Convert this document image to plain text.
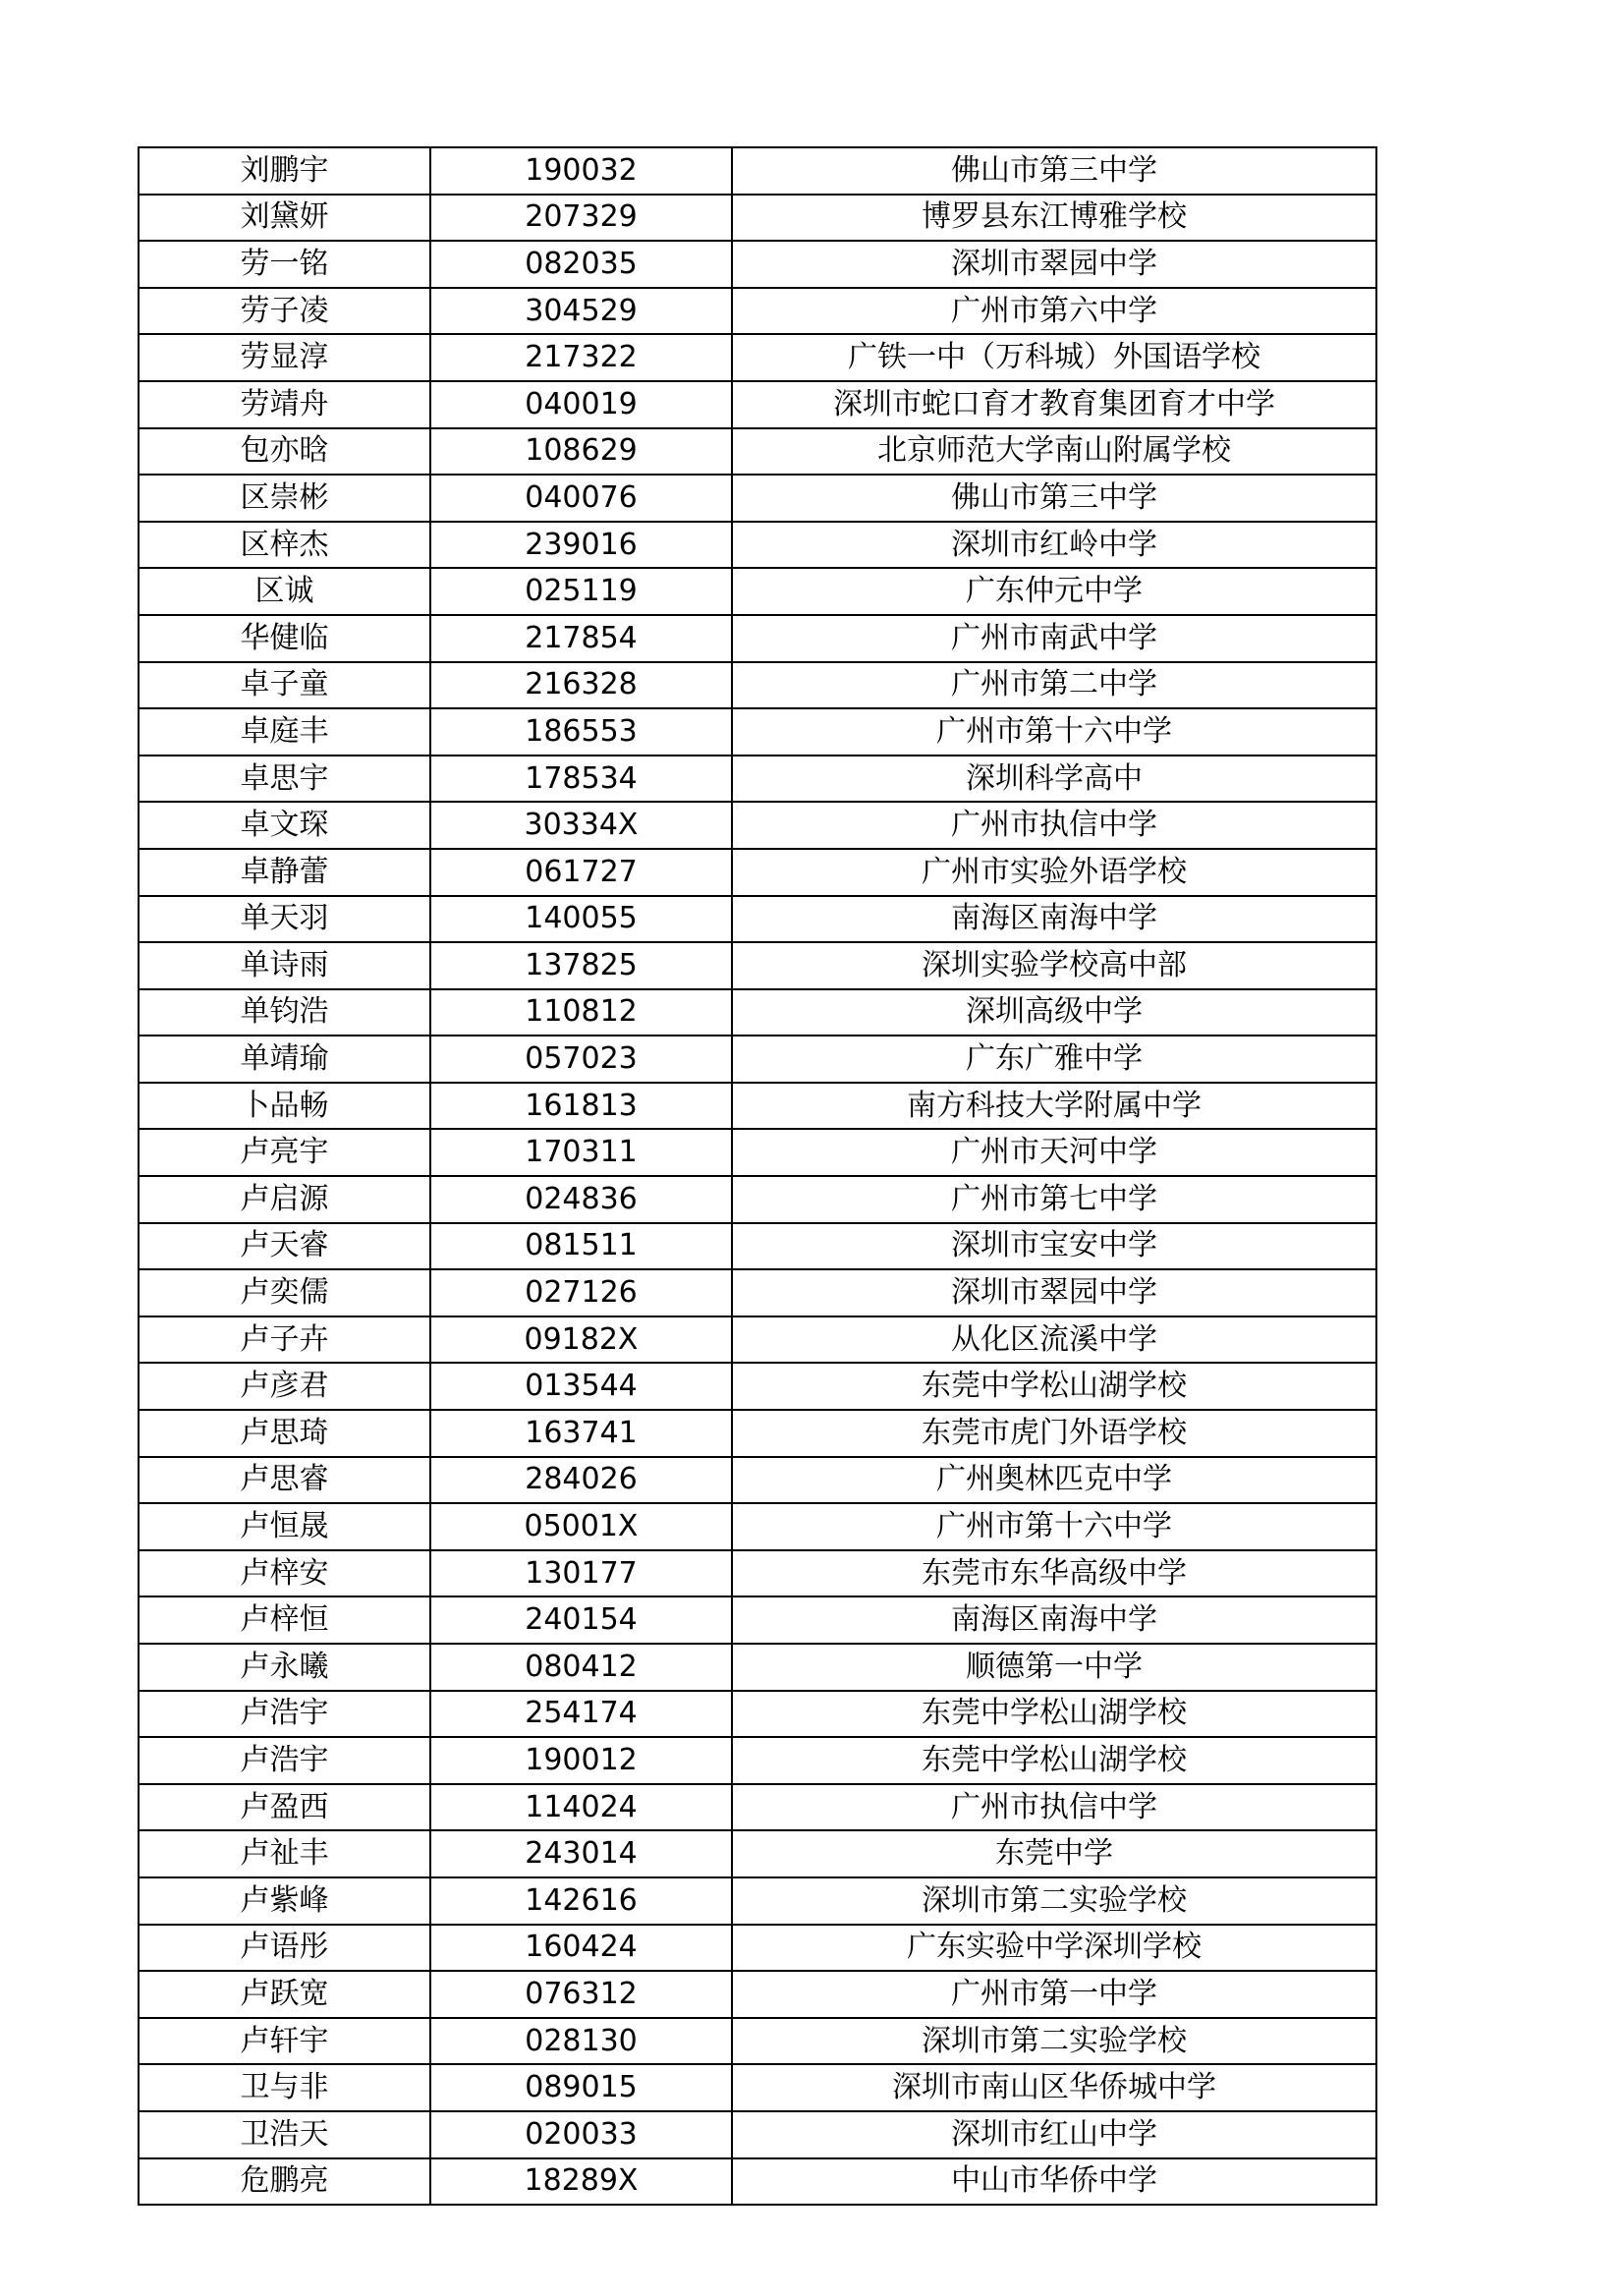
刘鹏宇	190032	佛山市第三中学
刘黛妍	207329	博罗县东江博雅学校
劳一铭	082035	深圳市翠园中学
劳子凌	304529	广州市第六中学
劳显淳	217322	广铁一中（万科城）外国语学校
劳靖舟	040019	深圳市蛇口育才教育集团育才中学
包亦晗	108629	北京师范大学南山附属学校
区崇彬	040076	佛山市第三中学
区梓杰	239016	深圳市红岭中学
区诚	025119	广东仲元中学
华健临	217854	广州市南武中学
卓子童	216328	广州市第二中学
卓庭丰	186553	广州市第十六中学
卓思宇	178534	深圳科学高中
卓文琛	30334X	广州市执信中学
卓静蕾	061727	广州市实验外语学校
单天羽	140055	南海区南海中学
单诗雨	137825	深圳实验学校高中部
单钧浩	110812	深圳高级中学
单靖瑜	057023	广东广雅中学
卜品畅	161813	南方科技大学附属中学
卢亮宇	170311	广州市天河中学
卢启源	024836	广州市第七中学
卢天睿	081511	深圳市宝安中学
卢奕儒	027126	深圳市翠园中学
卢子卉	09182X	从化区流溪中学
卢彦君	013544	东莞中学松山湖学校
卢思琦	163741	东莞市虎门外语学校
卢思睿	284026	广州奥林匹克中学
卢恒晟	05001X	广州市第十六中学
卢梓安	130177	东莞市东华高级中学
卢梓恒	240154	南海区南海中学
卢永曦	080412	顺德第一中学
卢浩宇	254174	东莞中学松山湖学校
卢浩宇	190012	东莞中学松山湖学校
卢盈西	114024	广州市执信中学
卢祉丰	243014	东莞中学
卢紫峰	142616	深圳市第二实验学校
卢语彤	160424	广东实验中学深圳学校
卢跃宽	076312	广州市第一中学
卢轩宇	028130	深圳市第二实验学校
卫与非	089015	深圳市南山区华侨城中学
卫浩天	020033	深圳市红山中学
危鹏亮	18289X	中山市华侨中学
